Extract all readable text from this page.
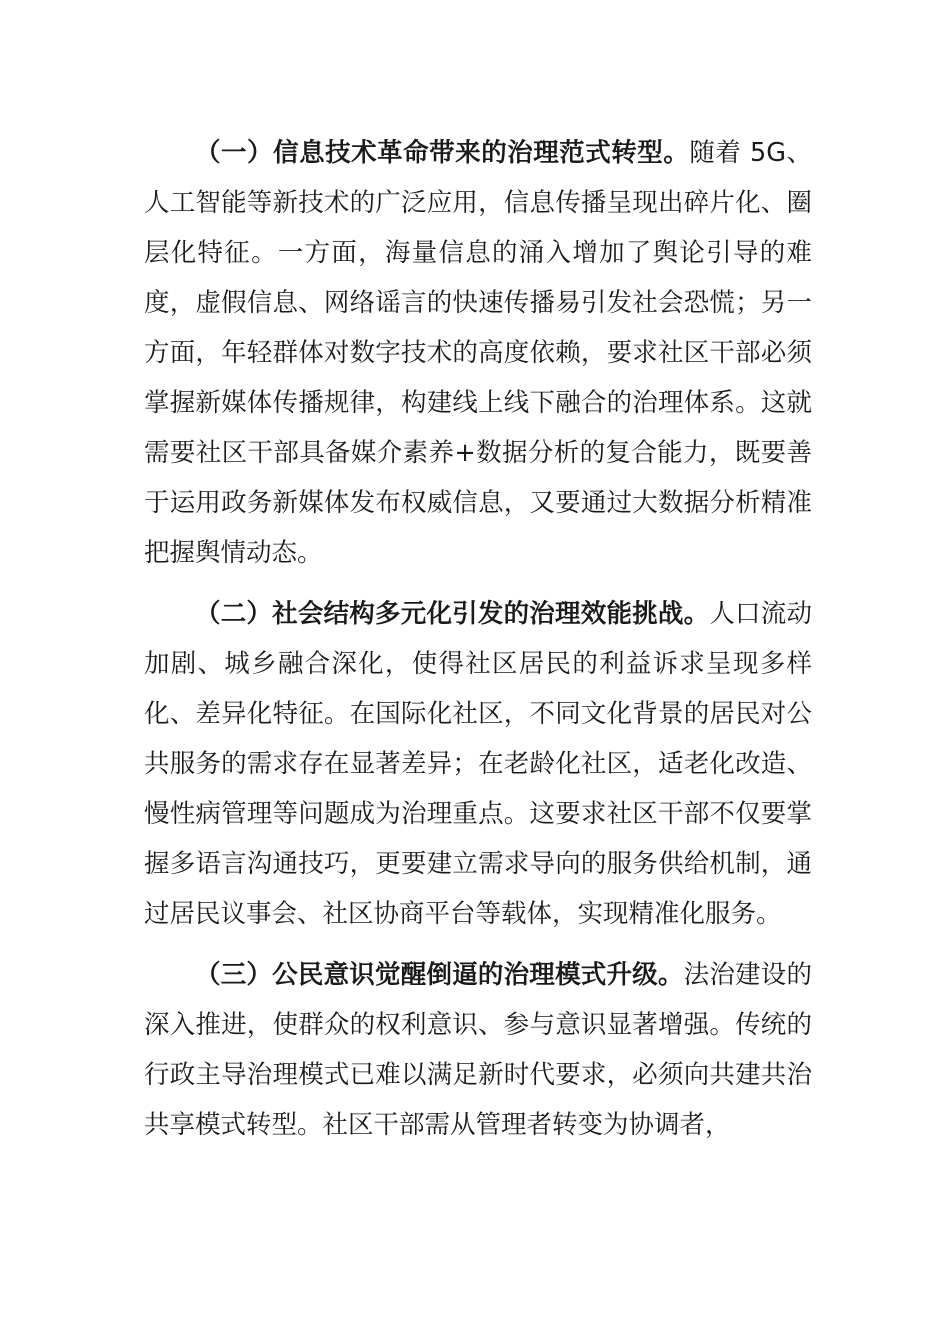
（一）信息技术革命带来的治理范式转型。随着 5G、人工智能等新技术的广泛应用，信息传播呈现出碎片化、圈层化特征。一方面，海量信息的涌入增加了舆论引导的难度，虚假信息、网络谣言的快速传播易引发社会恐慌；另一方面，年轻群体对数字技术的高度依赖，要求社区干部必须掌握新媒体传播规律，构建线上线下融合的治理体系。这就需要社区干部具备媒介素养+数据分析的复合能力，既要善于运用政务新媒体发布权威信息，又要通过大数据分析精准把握舆情动态。

（二）社会结构多元化引发的治理效能挑战。人口流动加剧、城乡融合深化，使得社区居民的利益诉求呈现多样化、差异化特征。在国际化社区，不同文化背景的居民对公共服务的需求存在显著差异；在老龄化社区，适老化改造、慢性病管理等问题成为治理重点。这要求社区干部不仅要掌握多语言沟通技巧，更要建立需求导向的服务供给机制，通过居民议事会、社区协商平台等载体，实现精准化服务。

（三）公民意识觉醒倒逼的治理模式升级。法治建设的深入推进，使群众的权利意识、参与意识显著增强。传统的行政主导治理模式已难以满足新时代要求，必须向共建共治共享模式转型。社区干部需从管理者转变为协调者，
